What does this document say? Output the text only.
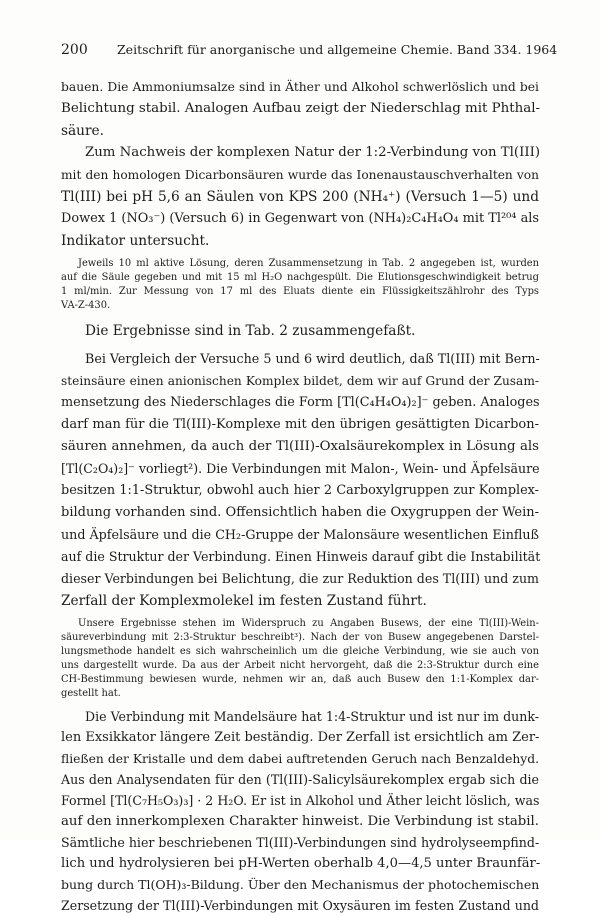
200 Zeitschrift für anorganische und allgemeine Chemie. Band 334. 1964
bauen. Die Ammoniumsalze sind in Äther und Alkohol schwerlöslich und bei
Belichtung stabil. Analogen Aufbau zeigt der Niederschlag mit Phthal-
säure.
Zum Nachweis der komplexen Natur der 1:2-Verbindung von Tl(III)
mit den homologen Dicarbonsäuren wurde das Ionenaustauschverhalten von
Tl(III) bei pH 5,6 an Säulen von KPS 200 (NH₄⁺) (Versuch 1—5) und
Dowex 1 (NO₃⁻) (Versuch 6) in Gegenwart von (NH₄)₂C₄H₄O₄ mit Tl²⁰⁴ als
Indikator untersucht.
Jeweils 10 ml aktive Lösung, deren Zusammensetzung in Tab. 2 angegeben ist, wurden
auf die Säule gegeben und mit 15 ml H₂O nachgespült. Die Elutionsgeschwindigkeit betrug
1 ml/min. Zur Messung von 17 ml des Eluats diente ein Flüssigkeitszählrohr des Typs
VA-Z-430.
Die Ergebnisse sind in Tab. 2 zusammengefaßt.
Bei Vergleich der Versuche 5 und 6 wird deutlich, daß Tl(III) mit Bern-
steinsäure einen anionischen Komplex bildet, dem wir auf Grund der Zusam-
mensetzung des Niederschlages die Form [Tl(C₄H₄O₄)₂]⁻ geben. Analoges
darf man für die Tl(III)-Komplexe mit den übrigen gesättigten Dicarbon-
säuren annehmen, da auch der Tl(III)-Oxalsäurekomplex in Lösung als
[Tl(C₂O₄)₂]⁻ vorliegt²). Die Verbindungen mit Malon-, Wein- und Äpfelsäure
besitzen 1:1-Struktur, obwohl auch hier 2 Carboxylgruppen zur Komplex-
bildung vorhanden sind. Offensichtlich haben die Oxygruppen der Wein-
und Äpfelsäure und die CH₂-Gruppe der Malonsäure wesentlichen Einfluß
auf die Struktur der Verbindung. Einen Hinweis darauf gibt die Instabilität
dieser Verbindungen bei Belichtung, die zur Reduktion des Tl(III) und zum
Zerfall der Komplexmolekel im festen Zustand führt.
Unsere Ergebnisse stehen im Widerspruch zu Angaben Busews, der eine Tl(III)-Wein-
säureverbindung mit 2:3-Struktur beschreibt³). Nach der von Busew angegebenen Darstel-
lungsmethode handelt es sich wahrscheinlich um die gleiche Verbindung, wie sie auch von
uns dargestellt wurde. Da aus der Arbeit nicht hervorgeht, daß die 2:3-Struktur durch eine
CH-Bestimmung bewiesen wurde, nehmen wir an, daß auch Busew den 1:1-Komplex dar-
gestellt hat.
Die Verbindung mit Mandelsäure hat 1:4-Struktur und ist nur im dunk-
len Exsikkator längere Zeit beständig. Der Zerfall ist ersichtlich am Zer-
fließen der Kristalle und dem dabei auftretenden Geruch nach Benzaldehyd.
Aus den Analysendaten für den (Tl(III)-Salicylsäurekomplex ergab sich die
Formel [Tl(C₇H₅O₃)₃] · 2 H₂O. Er ist in Alkohol und Äther leicht löslich, was
auf den innerkomplexen Charakter hinweist. Die Verbindung ist stabil.
Sämtliche hier beschriebenen Tl(III)-Verbindungen sind hydrolyseempfind-
lich und hydrolysieren bei pH-Werten oberhalb 4,0—4,5 unter Braunfär-
bung durch Tl(OH)₃-Bildung. Über den Mechanismus der photochemischen
Zersetzung der Tl(III)-Verbindungen mit Oxysäuren im festen Zustand und
